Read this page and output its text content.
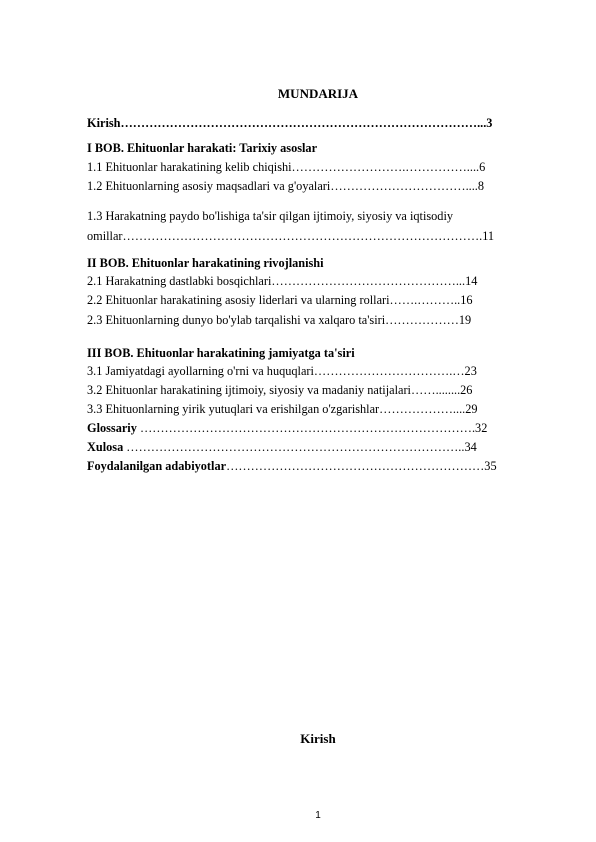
MUNDARIJA
Kirish……………………………………………………………………………...3
I BOB. Ehituonlar harakati: Tarixiy asoslar
1.1 Ehituonlar harakatining kelib chiqishi……………………….……………....6
1.2 Ehituonlarning asosiy maqsadlari va g'oyalari……………………………....8
1.3 Harakatning paydo bo'lishiga ta'sir qilgan ijtimoiy, siyosiy va iqtisodiy
omillar…………………………………………………………………………….11
II BOB. Ehituonlar harakatining rivojlanishi
2.1 Harakatning dastlabki bosqichlari………………………………………...14
2.2 Ehituonlar harakatining asosiy liderlari va ularning rollari…….………..16
2.3 Ehituonlarning dunyo bo'ylab tarqalishi va xalqaro ta'siri………………19
III BOB. Ehituonlar harakatining jamiyatga ta'siri
3.1 Jamiyatdagi ayollarning o'rni va huquqlari…………………………….…23
3.2 Ehituonlar harakatining ijtimoiy, siyosiy va madaniy natijalari……........26
3.3 Ehituonlarning yirik yutuqlari va erishilgan o'zgarishlar………………....29
Glossariy ……………………………………………………………………….32
Xulosa ………………………………………………………………………..34
Foydalanilgan adabiyotlar………………………………………………………35
Kirish
1
